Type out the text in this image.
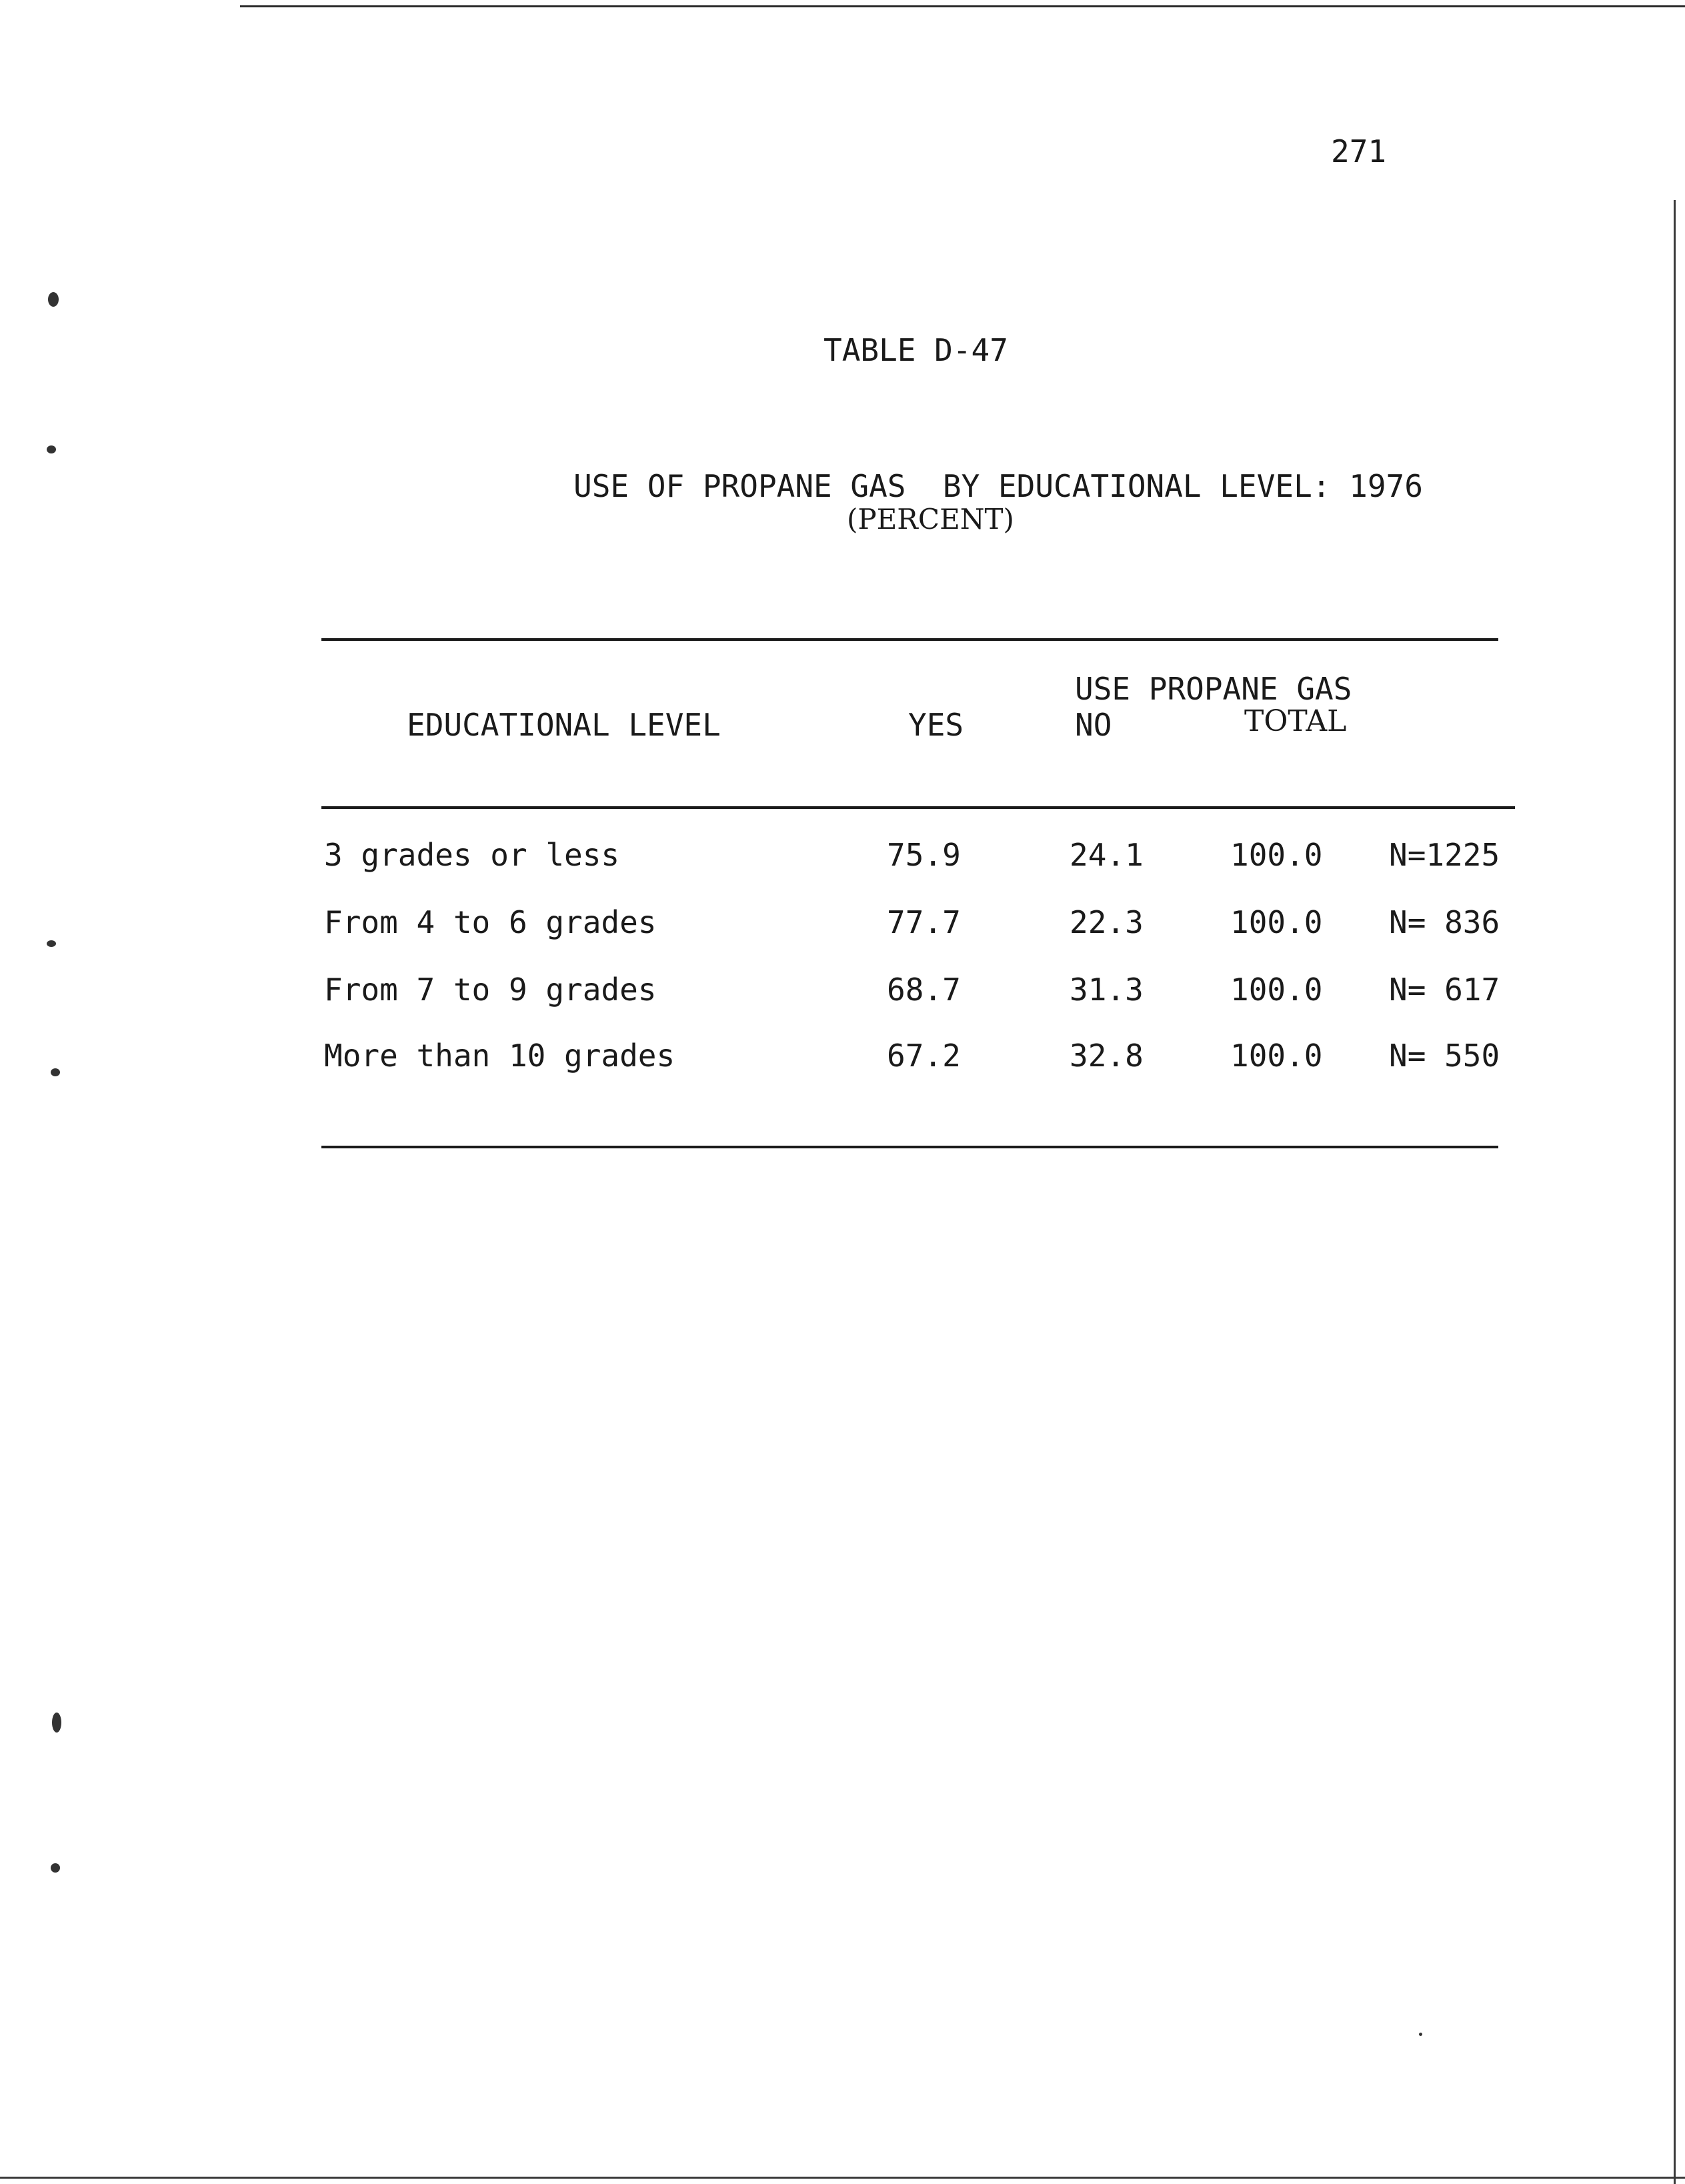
271
TABLE D-47
USE OF PROPANE GAS  BY EDUCATIONAL LEVEL: 1976
(PERCENT)
USE PROPANE GAS
EDUCATIONAL LEVEL	YES	NO	TOTAL
3 grades or less	75.9	24.1	100.0 N=1225
From 4 to 6 grades	77.7	22.3	100.0 N= 836
From 7 to 9 grades	68.7	31.3	100.0 N= 617
More than 10 grades	67.2	32.8	100.0 N= 550
